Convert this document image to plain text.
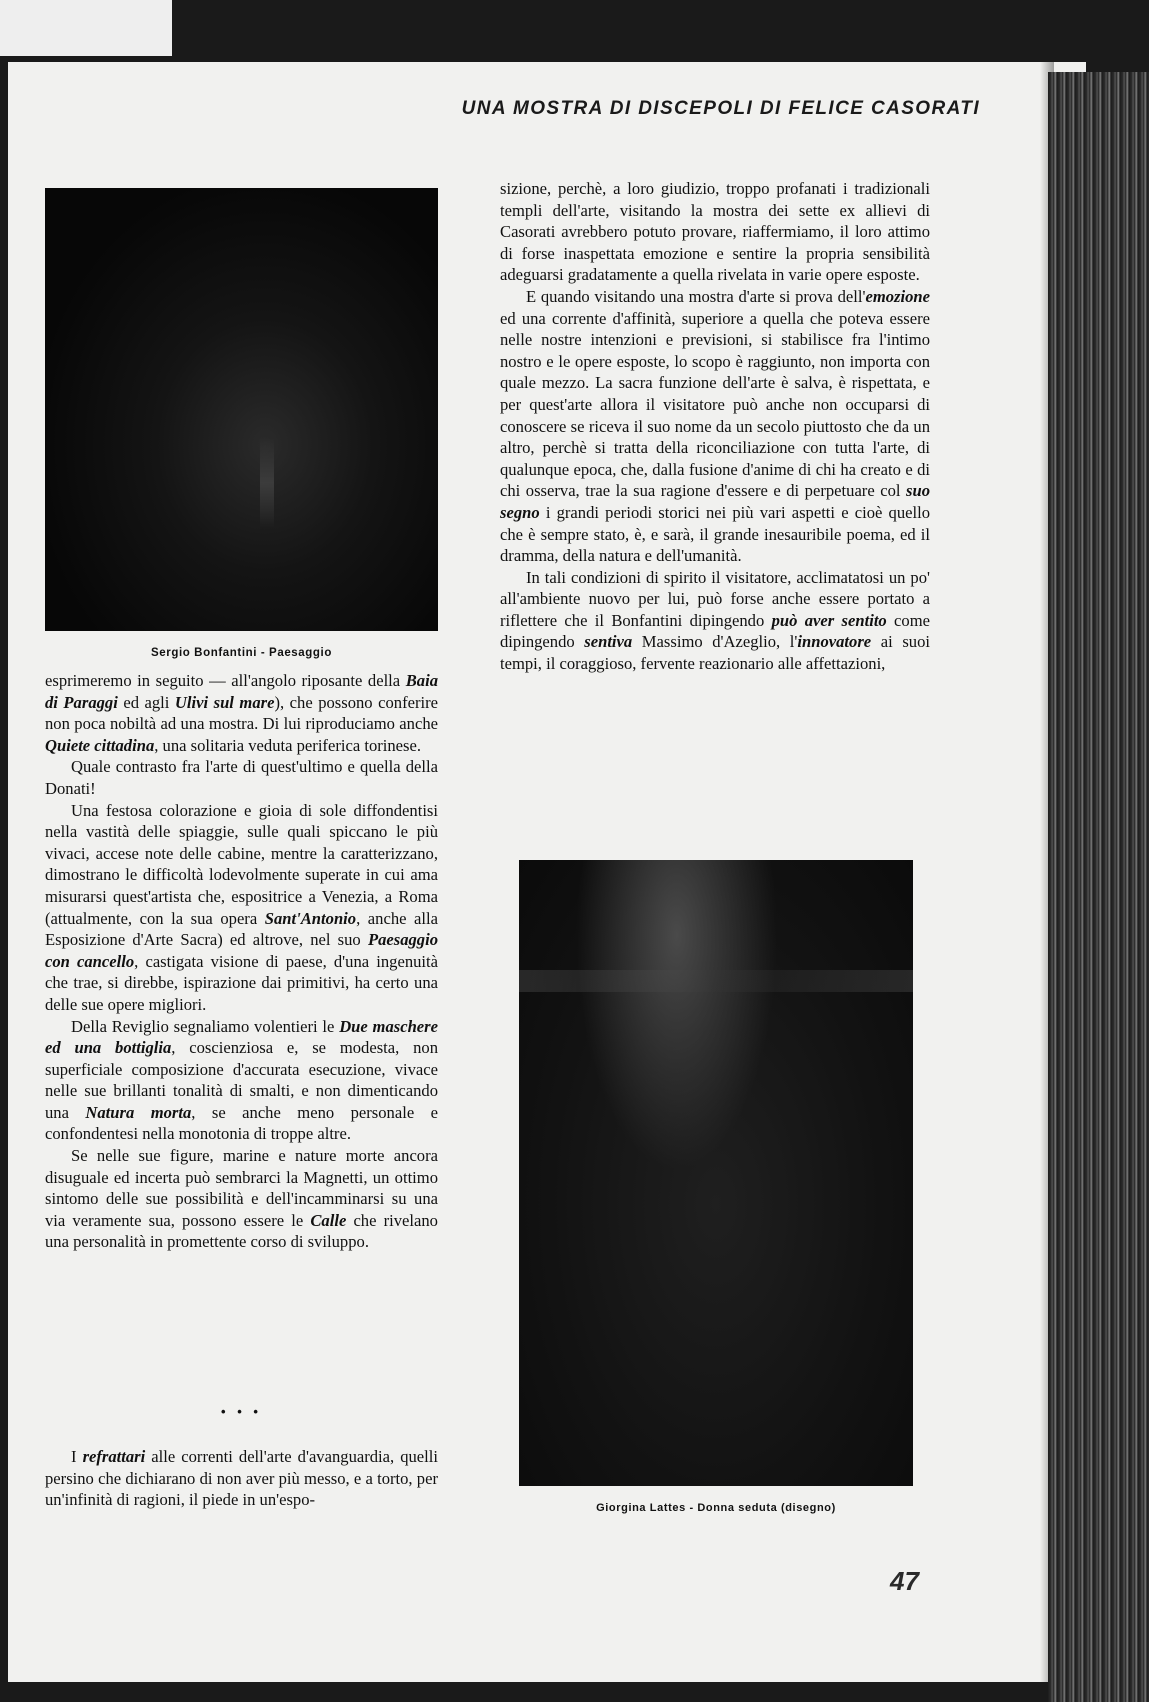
UNA MOSTRA DI DISCEPOLI DI FELICE CASORATI
Sergio Bonfantini - Paesaggio

esprimeremo in seguito — all'angolo riposante della Baia di Paraggi ed agli Ulivi sul mare), che possono conferire non poca nobiltà ad una mostra. Di lui riproduciamo anche Quiete cittadina, una solitaria veduta periferica torinese.

Quale contrasto fra l'arte di quest'ultimo e quella della Donati!

Una festosa colorazione e gioia di sole diffondentisi nella vastità delle spiaggie, sulle quali spiccano le più vivaci, accese note delle cabine, mentre la caratterizzano, dimostrano le difficoltà lodevolmente superate in cui ama misurarsi quest'artista che, espositrice a Venezia, a Roma (attualmente, con la sua opera Sant'Antonio, anche alla Esposizione d'Arte Sacra) ed altrove, nel suo Paesaggio con cancello, castigata visione di paese, d'una ingenuità che trae, si direbbe, ispirazione dai primitivi, ha certo una delle sue opere migliori.

Della Reviglio segnaliamo volentieri le Due maschere ed una bottiglia, coscienziosa e, se modesta, non superficiale composizione d'accurata esecuzione, vivace nelle sue brillanti tonalità di smalti, e non dimenticando una Natura morta, se anche meno personale e confondentesi nella monotonia di troppe altre.

Se nelle sue figure, marine e nature morte ancora disuguale ed incerta può sembrarci la Magnetti, un ottimo sintomo delle sue possibilità e dell'incamminarsi su una via veramente sua, possono essere le Calle che rivelano una personalità in promettente corso di sviluppo.

• • •

I refrattari alle correnti dell'arte d'avanguardia, quelli persino che dichiarano di non aver più messo, e a torto, per un'infinità di ragioni, il piede in un'espo-

sizione, perchè, a loro giudizio, troppo profanati i tradizionali templi dell'arte, visitando la mostra dei sette ex allievi di Casorati avrebbero potuto provare, riaffermiamo, il loro attimo di forse inaspettata emozione e sentire la propria sensibilità adeguarsi gradatamente a quella rivelata in varie opere esposte.

E quando visitando una mostra d'arte si prova dell'emozione ed una corrente d'affinità, superiore a quella che poteva essere nelle nostre intenzioni e previsioni, si stabilisce fra l'intimo nostro e le opere esposte, lo scopo è raggiunto, non importa con quale mezzo. La sacra funzione dell'arte è salva, è rispettata, e per quest'arte allora il visitatore può anche non occuparsi di conoscere se riceva il suo nome da un secolo piuttosto che da un altro, perchè si tratta della riconciliazione con tutta l'arte, di qualunque epoca, che, dalla fusione d'anime di chi ha creato e di chi osserva, trae la sua ragione d'essere e di perpetuare col suo segno i grandi periodi storici nei più vari aspetti e cioè quello che è sempre stato, è, e sarà, il grande inesauribile poema, ed il dramma, della natura e dell'umanità.

In tali condizioni di spirito il visitatore, acclimatatosi un po' all'ambiente nuovo per lui, può forse anche essere portato a riflettere che il Bonfantini dipingendo può aver sentito come dipingendo sentiva Massimo d'Azeglio, l'innovatore ai suoi tempi, il coraggioso, fervente reazionario alle affettazioni,

Giorgina Lattes - Donna seduta (disegno)
47
